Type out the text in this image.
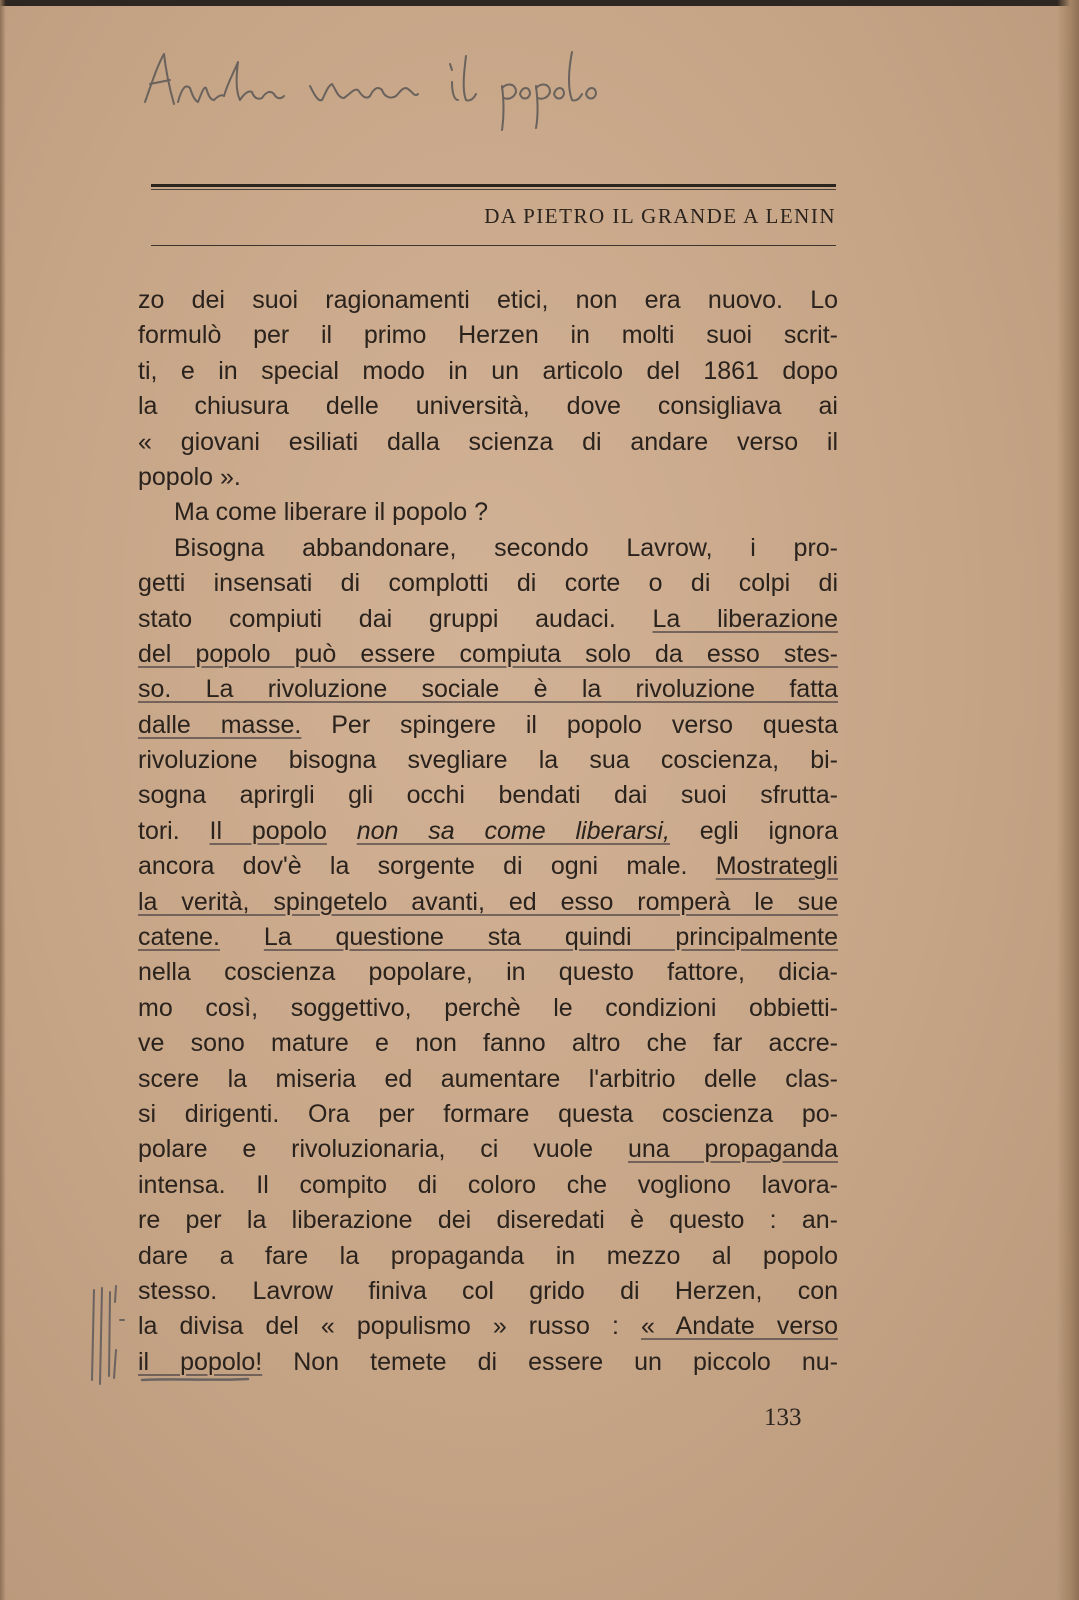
DA PIETRO IL GRANDE A LENIN
zo dei suoi ragionamenti etici, non era nuovo. Lo
formulò per il primo Herzen in molti suoi scrit-
ti, e in special modo in un articolo del 1861 dopo
la chiusura delle università, dove consigliava ai
« giovani esiliati dalla scienza di andare verso il
popolo ».
Ma come liberare il popolo ?
Bisogna abbandonare, secondo Lavrow, i pro-
getti insensati di complotti di corte o di colpi di
stato compiuti dai gruppi audaci. La liberazione
del popolo può essere compiuta solo da esso stes-
so. La rivoluzione sociale è la rivoluzione fatta
dalle masse. Per spingere il popolo verso questa
rivoluzione bisogna svegliare la sua coscienza, bi-
sogna aprirgli gli occhi bendati dai suoi sfrutta-
tori. Il popolo non sa come liberarsi, egli ignora
ancora dov'è la sorgente di ogni male. Mostrategli
la verità, spingetelo avanti, ed esso romperà le sue
catene. La questione sta quindi principalmente
nella coscienza popolare, in questo fattore, dicia-
mo così, soggettivo, perchè le condizioni obbietti-
ve sono mature e non fanno altro che far accre-
scere la miseria ed aumentare l'arbitrio delle clas-
si dirigenti. Ora per formare questa coscienza po-
polare e rivoluzionaria, ci vuole una propaganda
intensa. Il compito di coloro che vogliono lavora-
re per la liberazione dei diseredati è questo : an-
dare a fare la propaganda in mezzo al popolo
stesso. Lavrow finiva col grido di Herzen, con
la divisa del « populismo » russo : « Andate verso
il popolo! Non temete di essere un piccolo nu-
133
